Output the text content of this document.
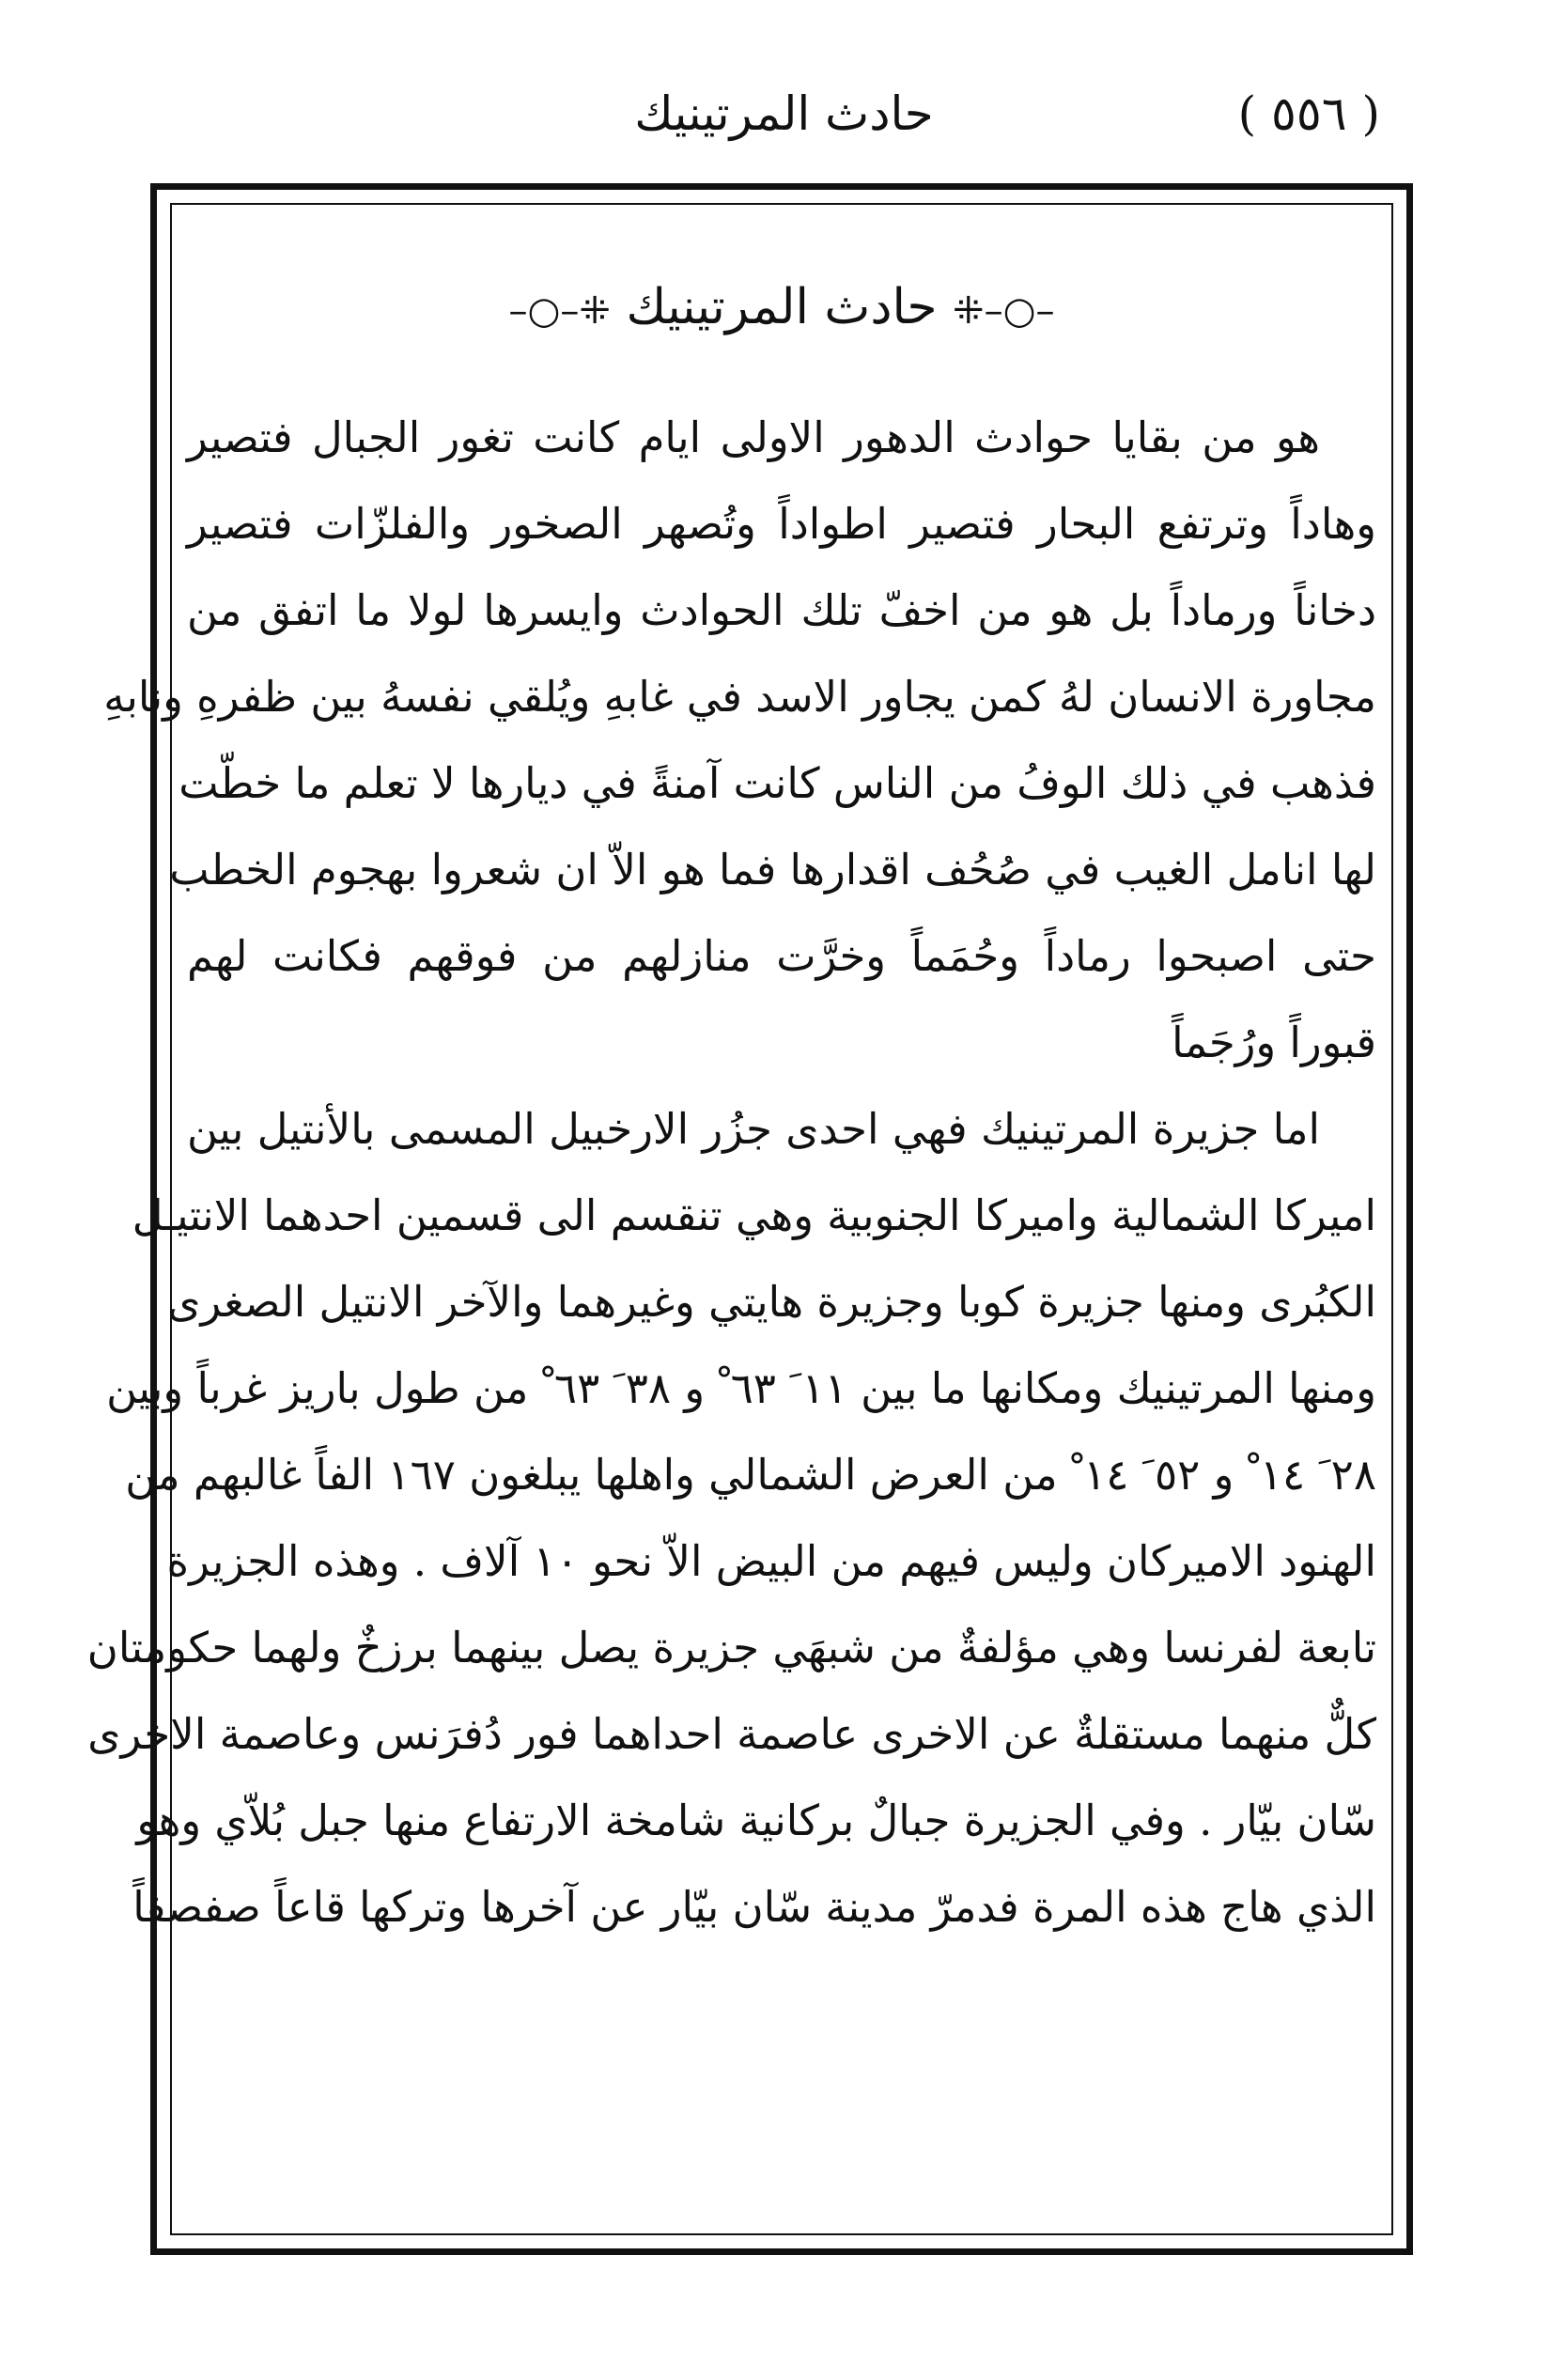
حادث المرتينيك	( ٥٥٦ )
–○–⁜ حادث المرتينيك ⁜–○–
هو من بقايا حوادث الدهور الاولى ايام كانت تغور الجبال فتصير
وهاداً وترتفع البحار فتصير اطواداً وتُصهر الصخور والفلزّات فتصير
دخاناً ورماداً بل هو من اخفّ تلك الحوادث وايسرها لولا ما اتفق من
مجاورة الانسان لهُ كمن يجاور الاسد في غابهِ ويُلقي نفسهُ بين ظفرهِ ونابهِ
فذهب في ذلك الوفُ من الناس كانت آمنةً في ديارها لا تعلم ما خطّت
لها انامل الغيب في صُحُف اقدارها فما هو الاّ ان شعروا بهجوم الخطب
حتى اصبحوا رماداً وحُمَماً وخرَّت منازلهم من فوقهم فكانت لهم
قبوراً ورُجَماً
اما جزيرة المرتينيك فهي احدى جزُر الارخبيل المسمى بالأنتيل بين
اميركا الشمالية واميركا الجنوبية وهي تنقسم الى قسمين احدهما الانتيـل
الكبُرى ومنها جزيرة كوبا وجزيرة هايتي وغيرهما والآخر الانتيل الصغرى
ومنها المرتينيك ومكانها ما بين ١١ َ ٦٣ ْ و ٣٨ َ ٦٣ ْ من طول باريز غرباً وبين
٢٨ َ ١٤ ْ و ٥٢ َ ١٤ ْ من العرض الشمالي واهلها يبلغون ١٦٧ الفاً غالبهم من
الهنود الاميركان وليس فيهم من البيض الاّ نحو ١٠ آلاف . وهذه الجزيرة
تابعة لفرنسا وهي مؤلفةٌ من شبهَي جزيرة يصل بينهما برزخٌ ولهما حكومتان
كلٌّ منهما مستقلةٌ عن الاخرى عاصمة احداهما فور دُفرَنس وعاصمة الاخرى
سّان بيّار . وفي الجزيرة جبالٌ بركانية شامخة الارتفاع منها جبل بُلاّي وهو
الذي هاج هذه المرة فدمرّ مدينة سّان بيّار عن آخرها وتركها قاعاً صفصفاً
